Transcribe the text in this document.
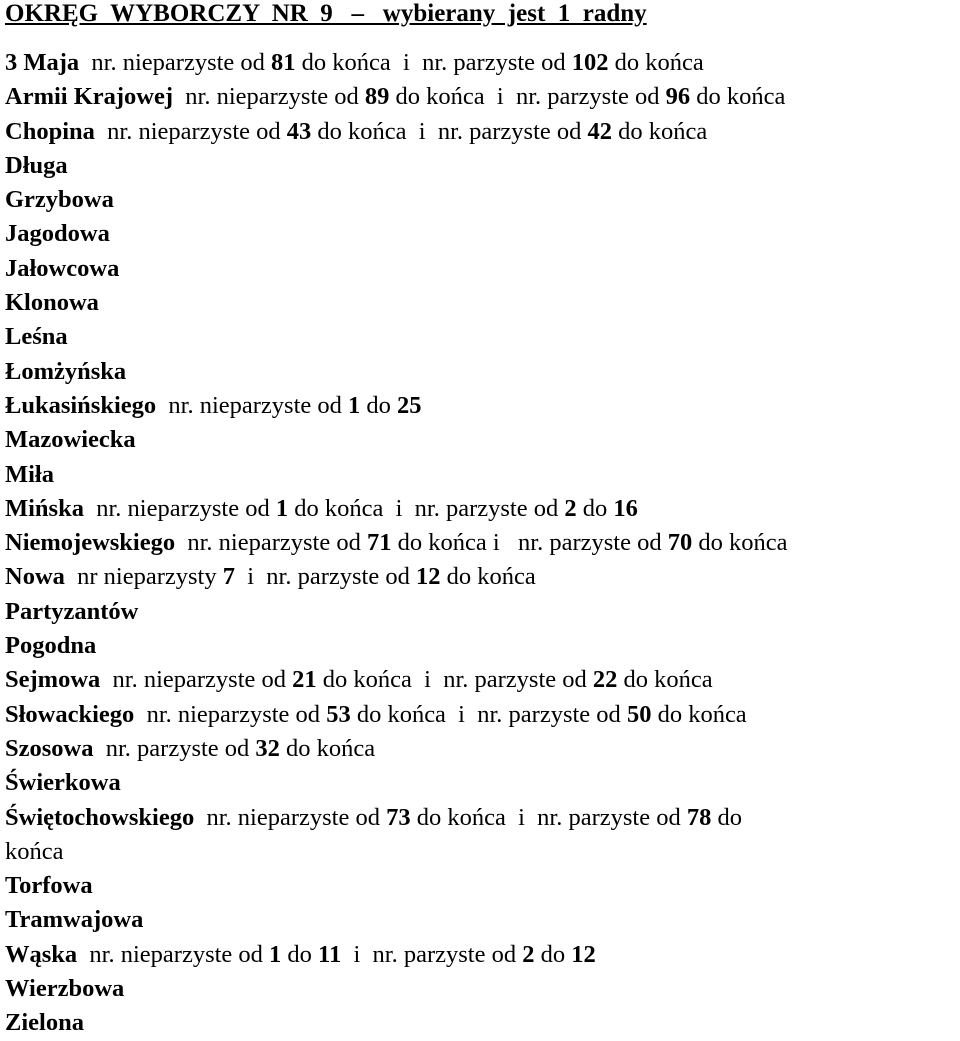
OKRĘG  WYBORCZY  NR  9   –   wybierany  jest  1  radny
3 Maja  nr. nieparzyste od 81 do końca  i  nr. parzyste od 102 do końca
Armii Krajowej  nr. nieparzyste od 89 do końca  i  nr. parzyste od 96 do końca
Chopina  nr. nieparzyste od 43 do końca  i  nr. parzyste od 42 do końca
Długa
Grzybowa
Jagodowa
Jałowcowa
Klonowa
Leśna
Łomżyńska
Łukasińskiego  nr. nieparzyste od 1 do 25
Mazowiecka
Miła
Mińska  nr. nieparzyste od 1 do końca  i  nr. parzyste od 2 do 16
Niemojewskiego  nr. nieparzyste od 71 do końca i   nr. parzyste od 70 do końca
Nowa  nr nieparzysty 7  i  nr. parzyste od 12 do końca
Partyzantów
Pogodna
Sejmowa  nr. nieparzyste od 21 do końca  i  nr. parzyste od 22 do końca
Słowackiego  nr. nieparzyste od 53 do końca  i  nr. parzyste od 50 do końca
Szosowa  nr. parzyste od 32 do końca
Świerkowa
Świętochowskiego  nr. nieparzyste od 73 do końca  i  nr. parzyste od 78 do
końca
Torfowa
Tramwajowa
Wąska  nr. nieparzyste od 1 do 11  i  nr. parzyste od 2 do 12
Wierzbowa
Zielona
